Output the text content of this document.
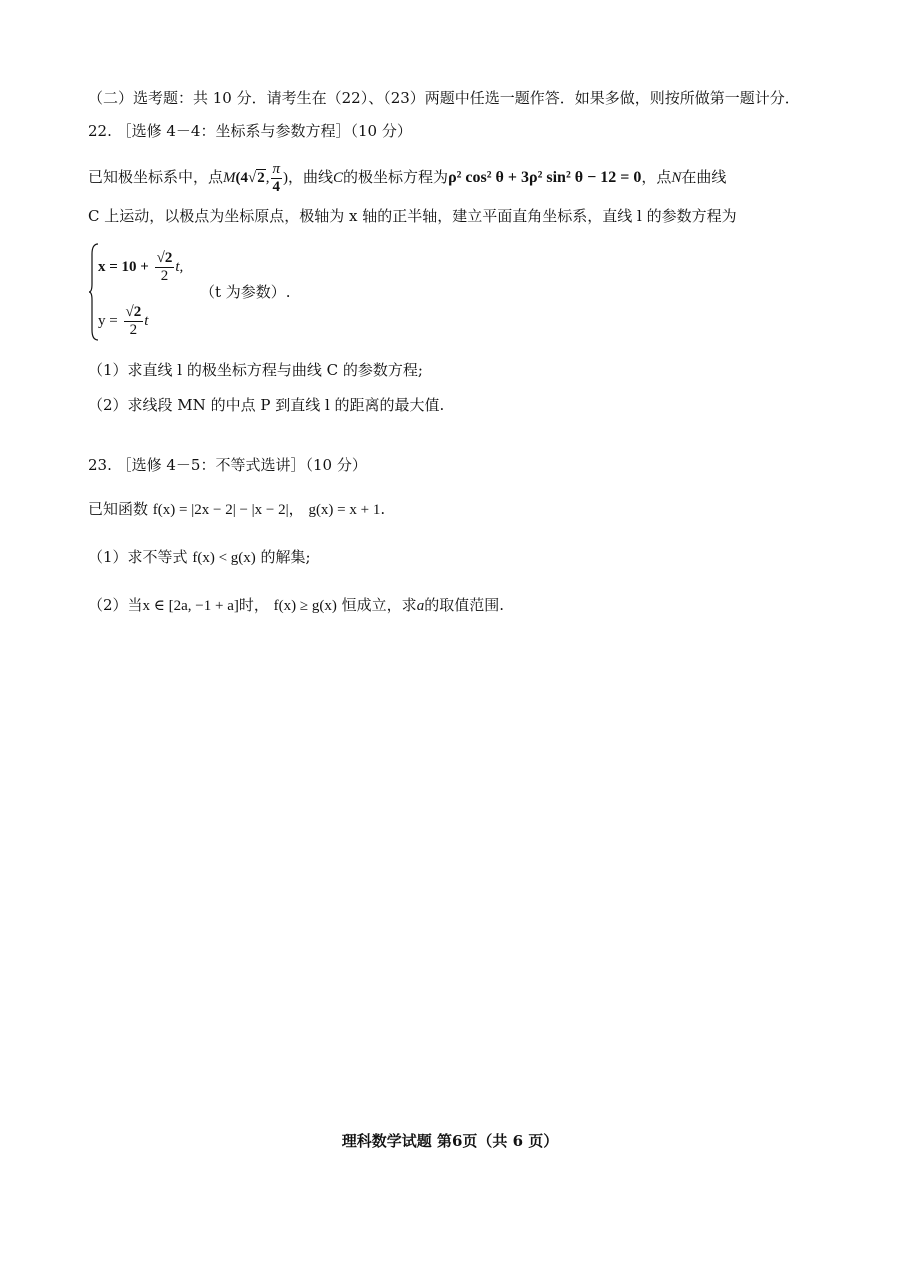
（二）选考题：共 10 分．请考生在（22）、（23）两题中任选一题作答．如果多做，则按所做第一题计分．
22. ［选修 4－4：坐标系与参数方程］（10 分）
已知极坐标系中，点M(4√2, $\frac{\pi}{4}$ )，曲线C的极坐标方程为ρ² cos² θ + 3ρ² sin² θ − 12 = 0，点N在曲线
C 上运动，以极点为坐标原点，极轴为 x 轴的正半轴，建立平面直角坐标系，直线 l 的参数方程为
$x = 10 + \frac{√2}{2} t$,
（t 为参数）.
$y = \frac{√2}{2}$ t
（1）求直线 l 的极坐标方程与曲线 C 的参数方程;
（2）求线段 MN 的中点 P 到直线 l 的距离的最大值.
23. ［选修 4－5：不等式选讲］（10 分）
已知函数 f(x) = |2x − 2| − |x − 2|， g(x) = x + 1.
（1）求不等式 f(x) < g(x) 的解集;
（2）当x ∈ [2a, −1 + a]时， f(x) ≥ g(x) 恒成立，求a的取值范围.
理科数学试题 第6页（共 6 页）
